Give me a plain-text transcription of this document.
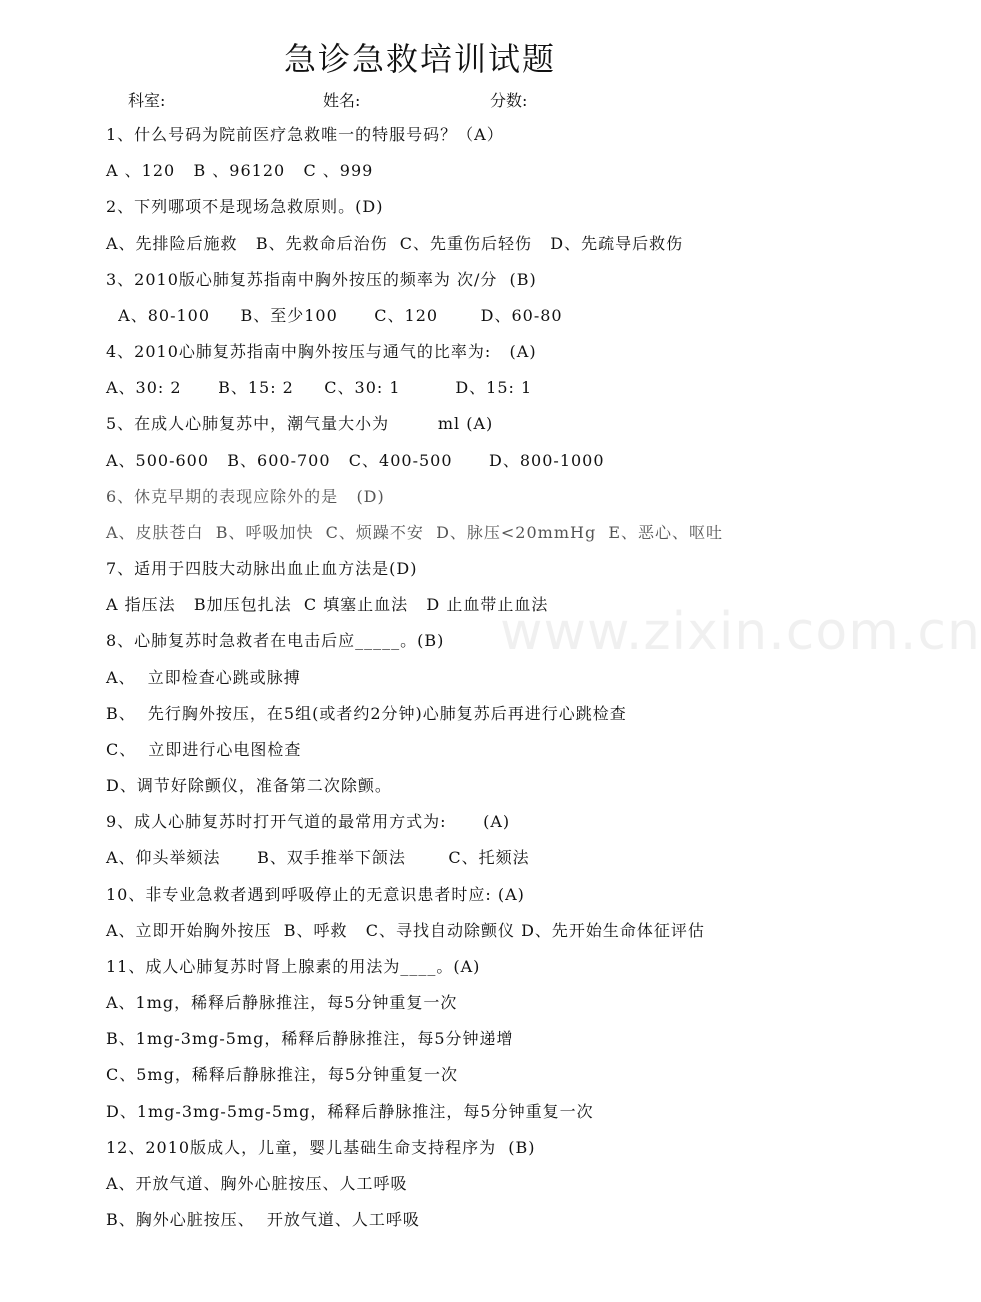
急诊急救培训试题
科室:	姓名:	分数:
www.zixin.com.cn
1、什么号码为院前医疗急救唯一的特服号码？（A）
A 、120   B 、96120   C 、999
2、下列哪项不是现场急救原则。(D)
A、先排险后施救   B、先救命后治伤  C、先重伤后轻伤   D、先疏导后救伤
3、2010版心肺复苏指南中胸外按压的频率为 次/分  (B)
A、80-100     B、至少100      C、120       D、60-80
4、2010心肺复苏指南中胸外按压与通气的比率为:   (A)
A、30: 2      B、15: 2     C、30: 1         D、15: 1
5、在成人心肺复苏中，潮气量大小为        ml (A)
A、500-600   B、600-700   C、400-500      D、800-1000
6、休克早期的表现应除外的是   (D)
A、皮肤苍白  B、呼吸加快  C、烦躁不安  D、脉压<20mmHg  E、恶心、呕吐
7、适用于四肢大动脉出血止血方法是(D)
A 指压法   B加压包扎法  C 填塞止血法   D 止血带止血法
8、心肺复苏时急救者在电击后应_____。(B)
A、  立即检查心跳或脉搏
B、  先行胸外按压，在5组(或者约2分钟)心肺复苏后再进行心跳检查
C、  立即进行心电图检查
D、调节好除颤仪，准备第二次除颤。
9、成人心肺复苏时打开气道的最常用方式为:      (A)
A、仰头举颏法      B、双手推举下颌法       C、托颏法
10、非专业急救者遇到呼吸停止的无意识患者时应: (A)
A、立即开始胸外按压  B、呼救   C、寻找自动除颤仪 D、先开始生命体征评估
11、成人心肺复苏时肾上腺素的用法为____。(A)
A、1mg，稀释后静脉推注，每5分钟重复一次
B、1mg-3mg-5mg，稀释后静脉推注，每5分钟递增
C、5mg，稀释后静脉推注，每5分钟重复一次
D、1mg-3mg-5mg-5mg，稀释后静脉推注，每5分钟重复一次
12、2010版成人，儿童，婴儿基础生命支持程序为  (B)
A、开放气道、胸外心脏按压、人工呼吸
B、胸外心脏按压、  开放气道、人工呼吸
